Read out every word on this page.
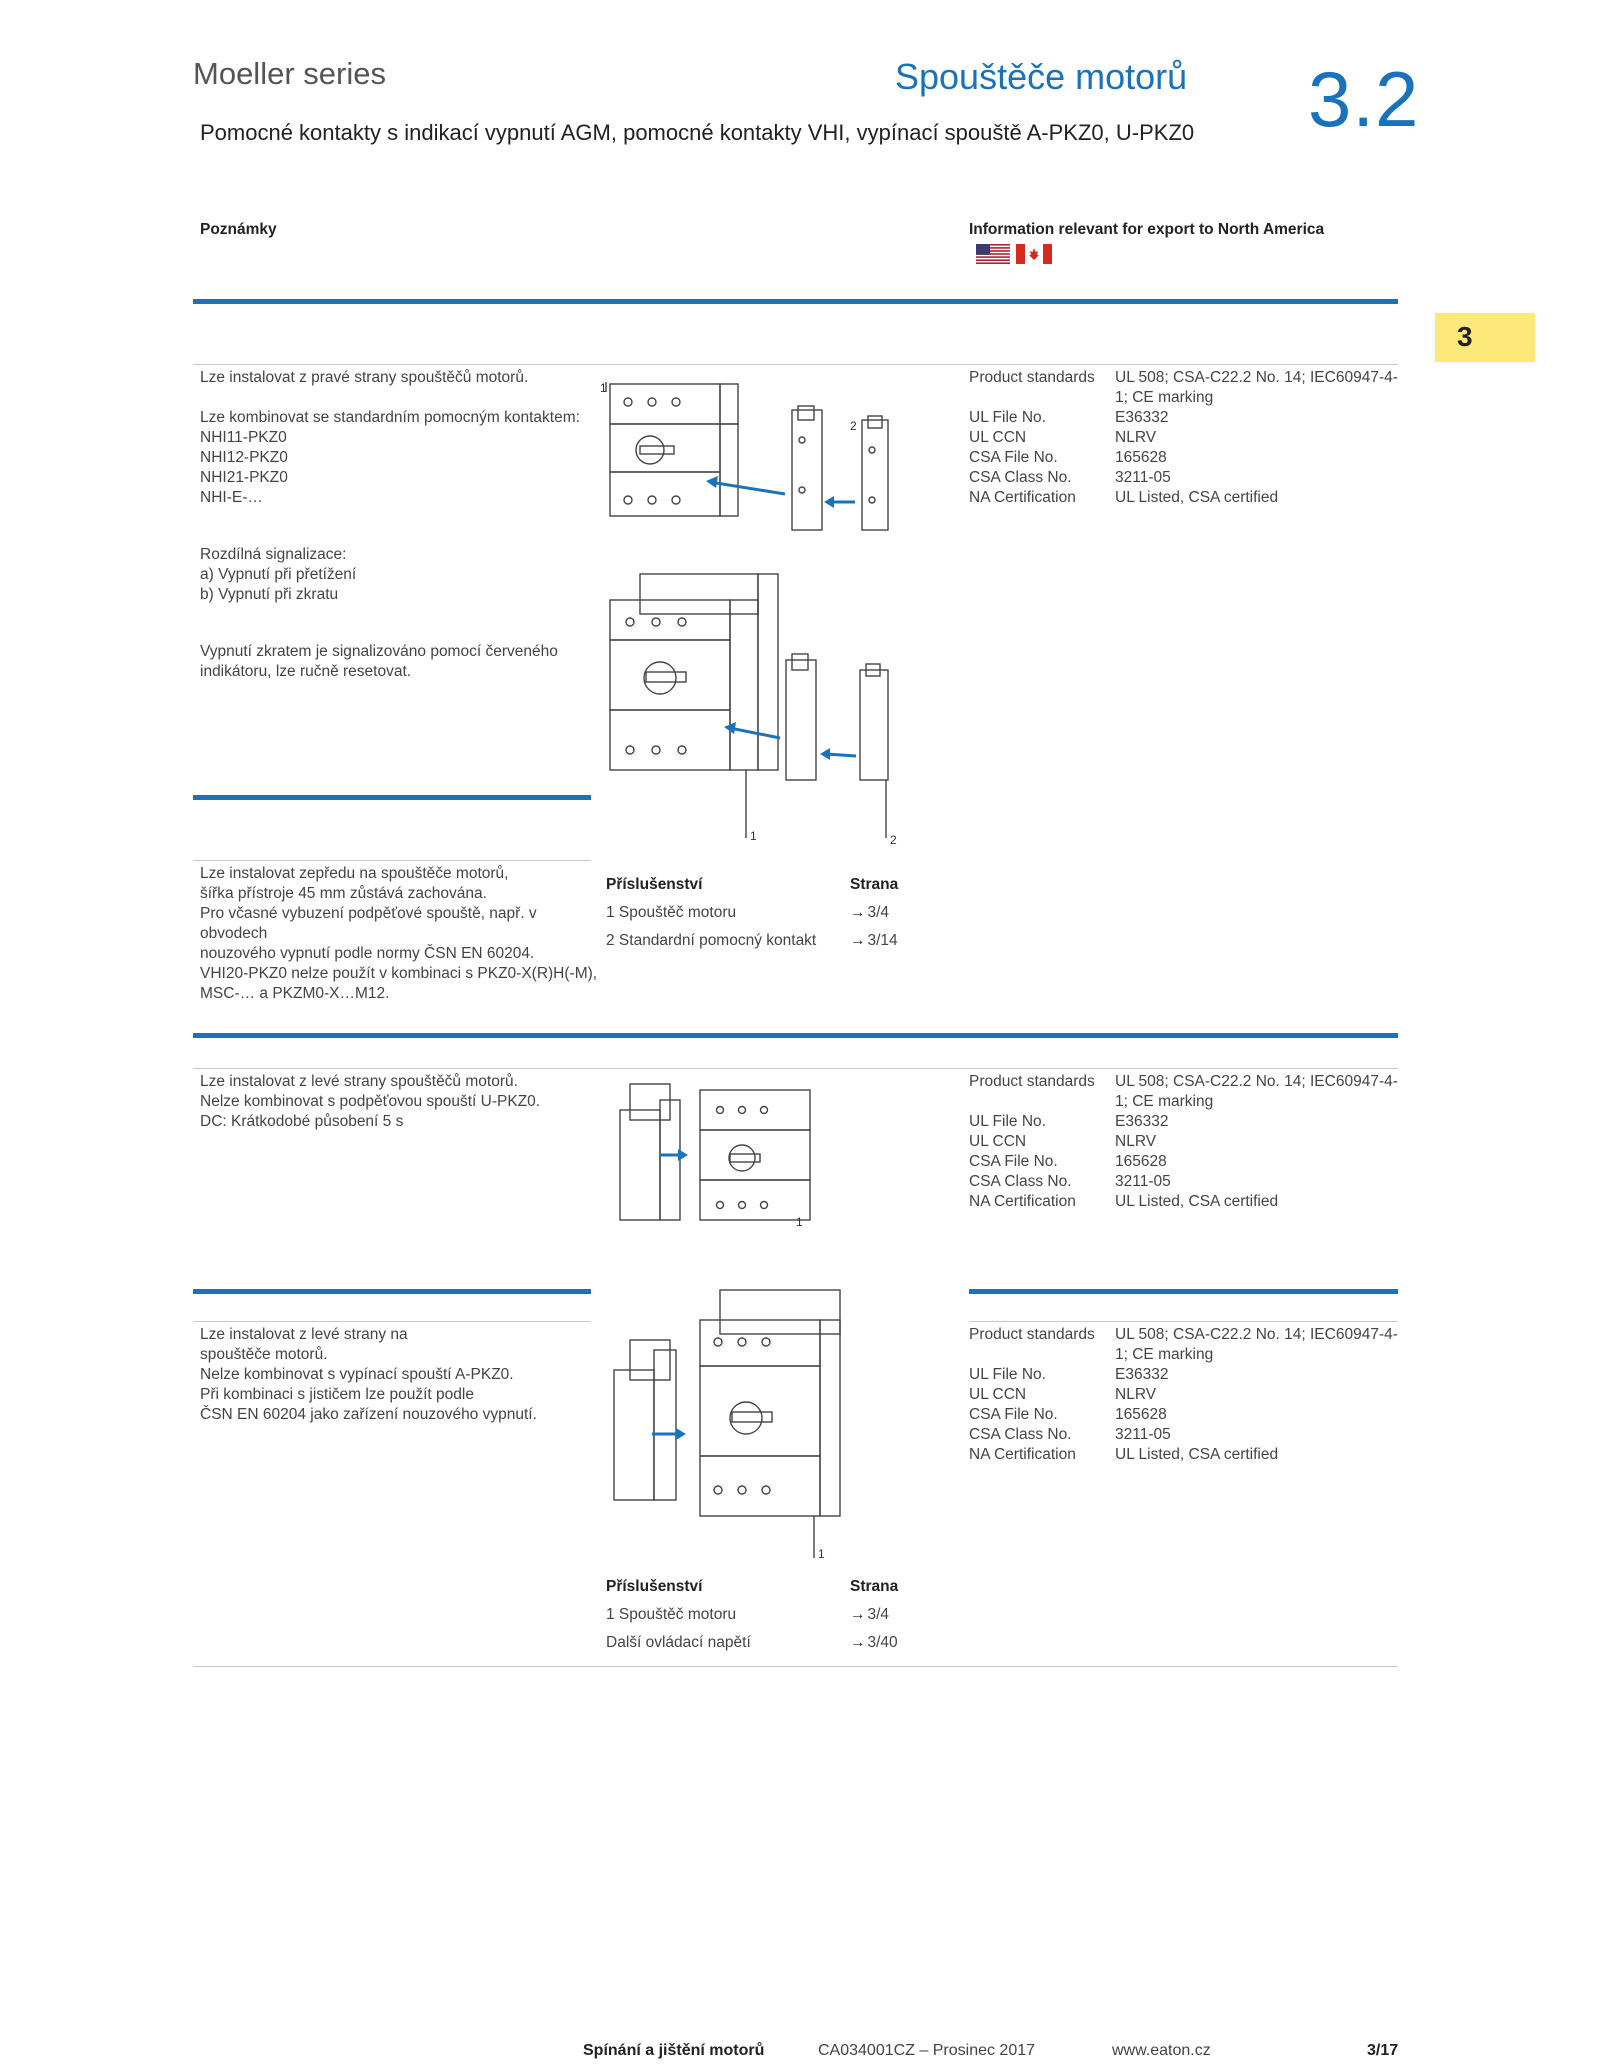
Moeller series	Spouštěče motorů 3.2
Pomocné kontakty s indikací vypnutí AGM, pomocné kontakty VHI, vypínací spouště A-PKZ0, U-PKZ0
Poznámky	Information relevant for export to North America
3
Lze instalovat z pravé strany spouštěčů motorů.

Lze kombinovat se standardním pomocným kontaktem:
NHI11-PKZ0
NHI12-PKZ0
NHI21-PKZ0
NHI-E-…
Rozdílná signalizace:
a) Vypnutí při přetížení
b) Vypnutí při zkratu
Vypnutí zkratem je signalizováno pomocí červeného
indikátoru, lze ručně resetovat.
Product standards	UL 508; CSA-C22.2 No. 14; IEC60947-4-1; CE marking
UL File No.	E36332
UL CCN	NLRV
CSA File No.	165628
CSA Class No.	3211-05
NA Certification	UL Listed, CSA certified
1
2
1	2
Lze instalovat zepředu na spouštěče motorů,
šířka přístroje 45 mm zůstává zachována.
Pro včasné vybuzení podpěťové spouště, např. v obvodech
nouzového vypnutí podle normy ČSN EN 60204.
VHI20-PKZ0 nelze použít v kombinaci s PKZ0-X(R)H(-M),
MSC-… a PKZM0-X…M12.
Příslušenství	Strana
1 Spouštěč motoru	→ 3/4
2 Standardní pomocný kontakt → 3/14
Lze instalovat z levé strany spouštěčů motorů.
Nelze kombinovat s podpěťovou spouští U-PKZ0.
DC: Krátkodobé působení 5 s
1
Product standards	UL 508; CSA-C22.2 No. 14; IEC60947-4-1; CE marking
UL File No.	E36332
UL CCN	NLRV
CSA File No.	165628
CSA Class No.	3211-05
NA Certification	UL Listed, CSA certified
Lze instalovat z levé strany na
spouštěče motorů.
Nelze kombinovat s vypínací spouští A-PKZ0.
Při kombinaci s jističem lze použít podle
ČSN EN 60204 jako zařízení nouzového vypnutí.
1
Product standards	UL 508; CSA-C22.2 No. 14; IEC60947-4-1; CE marking
UL File No.	E36332
UL CCN	NLRV
CSA File No.	165628
CSA Class No.	3211-05
NA Certification	UL Listed, CSA certified
Příslušenství	Strana
1 Spouštěč motoru	→ 3/4
Další ovládací napětí	→ 3/40
Spínání a jištění motorů	CA034001CZ – Prosinec 2017	www.eaton.cz	3/17
